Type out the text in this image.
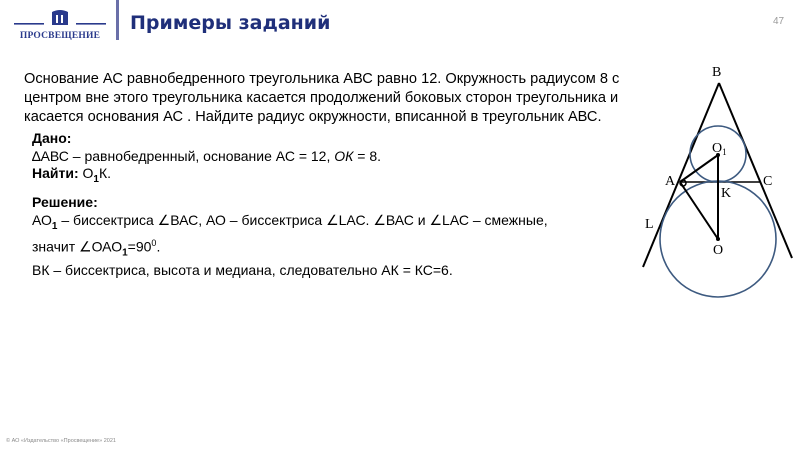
ПРОСВЕЩЕНИЕ
Примеры заданий	47
Основание АС равнобедренного треугольника АВС равно 12. Окружность радиусом 8 с центром вне этого треугольника касается продолжений боковых сторон треугольника и касается основания АС . Найдите радиус окружности, вписанной в треугольник АВС.
Дано:
∆АВС – равнобедренный, основание АС = 12, ОК = 8.
Найти: $О_1К$.
Решение:
$АО_1$ – биссектриса ∠ВАС, АО – биссектриса ∠LАС. ∠ВАС и ∠LАС – смежные,
значит $\angle ОАО_1=90^0$.
ВК – биссектриса, высота и медиана, следовательно АК = КС=6.
B
$O_1$
A	C
K
L
O
© АО «Издательство «Просвещение» 2021
